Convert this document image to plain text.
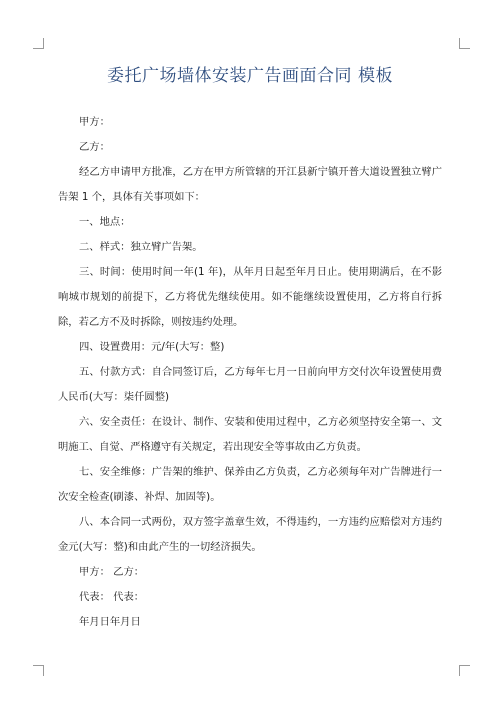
委托广场墙体安装广告画面合同 模板

甲方：

乙方：

经乙方申请甲方批准，乙方在甲方所管辖的开江县新宁镇开普大道设置独立臂广告架 1 个，具体有关事项如下：

一、地点：

二、样式：独立臂广告架。

三、时间：使用时间一年(1 年)，从年月日起至年月日止。使用期满后，在不影响城市规划的前提下，乙方将优先继续使用。如不能继续设置使用，乙方将自行拆除，若乙方不及时拆除，则按违约处理。

四、设置费用：元/年(大写：整)

五、付款方式：自合同签订后，乙方每年七月一日前向甲方交付次年设置使用费人民币(大写：柒仟圆整)

六、安全责任：在设计、制作、安装和使用过程中，乙方必须坚持安全第一、文明施工、自觉、严格遵守有关规定，若出现安全等事故由乙方负责。

七、安全维修：广告架的维护、保养由乙方负责，乙方必须每年对广告牌进行一次安全检查(刷漆、补焊、加固等)。

八、本合同一式两份，双方签字盖章生效，不得违约，一方违约应赔偿对方违约金元(大写：整)和由此产生的一切经济损失。

甲方： 乙方：

代表： 代表：

年月日年月日
